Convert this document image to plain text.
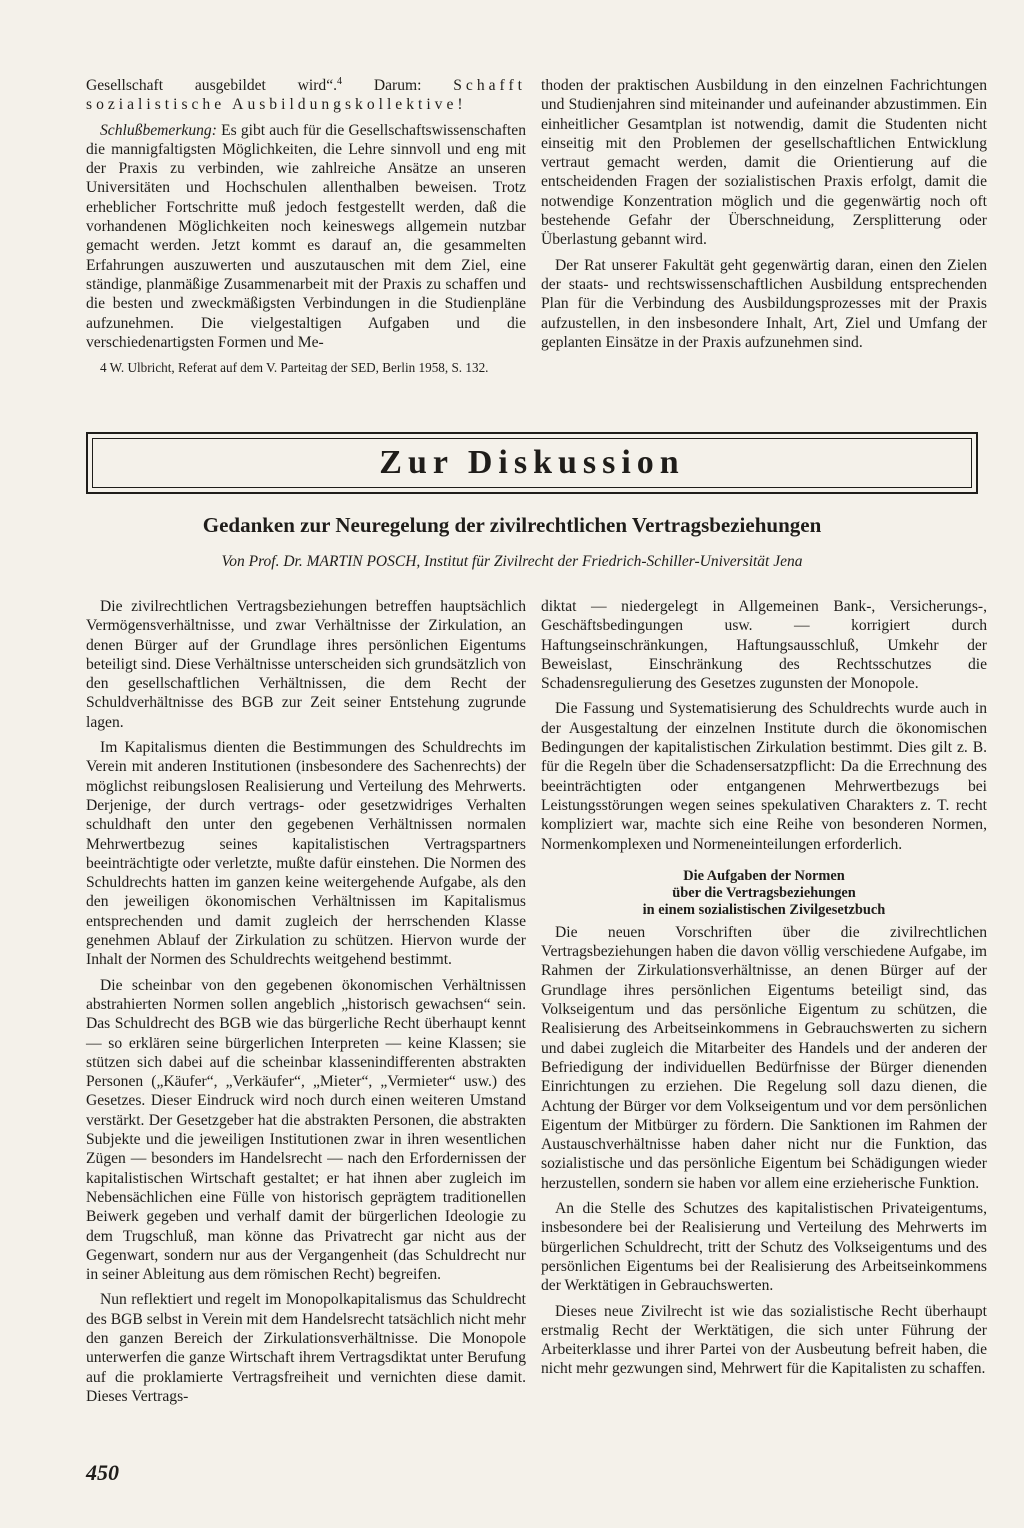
Gesellschaft ausgebildet wird“.$^4$ Darum: Schafft sozialistische Ausbildungskollektive!

Schlußbemerkung: Es gibt auch für die Gesellschaftswissenschaften die mannigfaltigsten Möglichkeiten, die Lehre sinnvoll und eng mit der Praxis zu verbinden, wie zahlreiche Ansätze an unseren Universitäten und Hochschulen allenthalben beweisen. Trotz erheblicher Fortschritte muß jedoch festgestellt werden, daß die vorhandenen Möglichkeiten noch keineswegs allgemein nutzbar gemacht werden. Jetzt kommt es darauf an, die gesammelten Erfahrungen auszuwerten und auszutauschen mit dem Ziel, eine ständige, planmäßige Zusammenarbeit mit der Praxis zu schaffen und die besten und zweckmäßigsten Verbindungen in die Studienpläne aufzunehmen. Die vielgestaltigen Aufgaben und die verschiedenartigsten Formen und Me-

4 W. Ulbricht, Referat auf dem V. Parteitag der SED, Berlin 1958, S. 132.

thoden der praktischen Ausbildung in den einzelnen Fachrichtungen und Studienjahren sind miteinander und aufeinander abzustimmen. Ein einheitlicher Gesamtplan ist notwendig, damit die Studenten nicht einseitig mit den Problemen der gesellschaftlichen Entwicklung vertraut gemacht werden, damit die Orientierung auf die entscheidenden Fragen der sozialistischen Praxis erfolgt, damit die notwendige Konzentration möglich und die gegenwärtig noch oft bestehende Gefahr der Überschneidung, Zersplitterung oder Überlastung gebannt wird.

Der Rat unserer Fakultät geht gegenwärtig daran, einen den Zielen der staats- und rechtswissenschaftlichen Ausbildung entsprechenden Plan für die Verbindung des Ausbildungsprozesses mit der Praxis aufzustellen, in den insbesondere Inhalt, Art, Ziel und Umfang der geplanten Einsätze in der Praxis aufzunehmen sind.

Zur Diskussion
Gedanken zur Neuregelung der zivilrechtlichen Vertragsbeziehungen
Von Prof. Dr. MARTIN POSCH, Institut für Zivilrecht der Friedrich-Schiller-Universität Jena

Die zivilrechtlichen Vertragsbeziehungen betreffen hauptsächlich Vermögensverhältnisse, und zwar Verhältnisse der Zirkulation, an denen Bürger auf der Grundlage ihres persönlichen Eigentums beteiligt sind. Diese Verhältnisse unterscheiden sich grundsätzlich von den gesellschaftlichen Verhältnissen, die dem Recht der Schuldverhältnisse des BGB zur Zeit seiner Entstehung zugrunde lagen.

Im Kapitalismus dienten die Bestimmungen des Schuldrechts im Verein mit anderen Institutionen (insbesondere des Sachenrechts) der möglichst reibungslosen Realisierung und Verteilung des Mehrwerts. Derjenige, der durch vertrags- oder gesetzwidriges Verhalten schuldhaft den unter den gegebenen Verhältnissen normalen Mehrwertbezug seines kapitalistischen Vertragspartners beeinträchtigte oder verletzte, mußte dafür einstehen. Die Normen des Schuldrechts hatten im ganzen keine weitergehende Aufgabe, als den den jeweiligen ökonomischen Verhältnissen im Kapitalismus entsprechenden und damit zugleich der herrschenden Klasse genehmen Ablauf der Zirkulation zu schützen. Hiervon wurde der Inhalt der Normen des Schuldrechts weitgehend bestimmt.

Die scheinbar von den gegebenen ökonomischen Verhältnissen abstrahierten Normen sollen angeblich „historisch gewachsen“ sein. Das Schuldrecht des BGB wie das bürgerliche Recht überhaupt kennt — so erklären seine bürgerlichen Interpreten — keine Klassen; sie stützen sich dabei auf die scheinbar klassenindifferenten abstrakten Personen („Käufer“, „Verkäufer“, „Mieter“, „Vermieter“ usw.) des Gesetzes. Dieser Eindruck wird noch durch einen weiteren Umstand verstärkt. Der Gesetzgeber hat die abstrakten Personen, die abstrakten Subjekte und die jeweiligen Institutionen zwar in ihren wesentlichen Zügen — besonders im Handelsrecht — nach den Erfordernissen der kapitalistischen Wirtschaft gestaltet; er hat ihnen aber zugleich im Nebensächlichen eine Fülle von historisch geprägtem traditionellen Beiwerk gegeben und verhalf damit der bürgerlichen Ideologie zu dem Trugschluß, man könne das Privatrecht gar nicht aus der Gegenwart, sondern nur aus der Vergangenheit (das Schuldrecht nur in seiner Ableitung aus dem römischen Recht) begreifen.

Nun reflektiert und regelt im Monopolkapitalismus das Schuldrecht des BGB selbst in Verein mit dem Handelsrecht tatsächlich nicht mehr den ganzen Bereich der Zirkulationsverhältnisse. Die Monopole unterwerfen die ganze Wirtschaft ihrem Vertragsdiktat unter Berufung auf die proklamierte Vertragsfreiheit und vernichten diese damit. Dieses Vertrags-

diktat — niedergelegt in Allgemeinen Bank-, Versicherungs-, Geschäftsbedingungen usw. — korrigiert durch Haftungseinschränkungen, Haftungsausschluß, Umkehr der Beweislast, Einschränkung des Rechtsschutzes die Schadensregulierung des Gesetzes zugunsten der Monopole.

Die Fassung und Systematisierung des Schuldrechts wurde auch in der Ausgestaltung der einzelnen Institute durch die ökonomischen Bedingungen der kapitalistischen Zirkulation bestimmt. Dies gilt z. B. für die Regeln über die Schadensersatzpflicht: Da die Errechnung des beeinträchtigten oder entgangenen Mehrwertbezugs bei Leistungsstörungen wegen seines spekulativen Charakters z. T. recht kompliziert war, machte sich eine Reihe von besonderen Normen, Normenkomplexen und Normeneinteilungen erforderlich.

Die Aufgaben der Normen
über die Vertragsbeziehungen
in einem sozialistischen Zivilgesetzbuch

Die neuen Vorschriften über die zivilrechtlichen Vertragsbeziehungen haben die davon völlig verschiedene Aufgabe, im Rahmen der Zirkulationsverhältnisse, an denen Bürger auf der Grundlage ihres persönlichen Eigentums beteiligt sind, das Volkseigentum und das persönliche Eigentum zu schützen, die Realisierung des Arbeitseinkommens in Gebrauchswerten zu sichern und dabei zugleich die Mitarbeiter des Handels und der anderen der Befriedigung der individuellen Bedürfnisse der Bürger dienenden Einrichtungen zu erziehen. Die Regelung soll dazu dienen, die Achtung der Bürger vor dem Volkseigentum und vor dem persönlichen Eigentum der Mitbürger zu fördern. Die Sanktionen im Rahmen der Austauschverhältnisse haben daher nicht nur die Funktion, das sozialistische und das persönliche Eigentum bei Schädigungen wieder herzustellen, sondern sie haben vor allem eine erzieherische Funktion.

An die Stelle des Schutzes des kapitalistischen Privateigentums, insbesondere bei der Realisierung und Verteilung des Mehrwerts im bürgerlichen Schuldrecht, tritt der Schutz des Volkseigentums und des persönlichen Eigentums bei der Realisierung des Arbeitseinkommens der Werktätigen in Gebrauchswerten.

Dieses neue Zivilrecht ist wie das sozialistische Recht überhaupt erstmalig Recht der Werktätigen, die sich unter Führung der Arbeiterklasse und ihrer Partei von der Ausbeutung befreit haben, die nicht mehr gezwungen sind, Mehrwert für die Kapitalisten zu schaffen.

450
